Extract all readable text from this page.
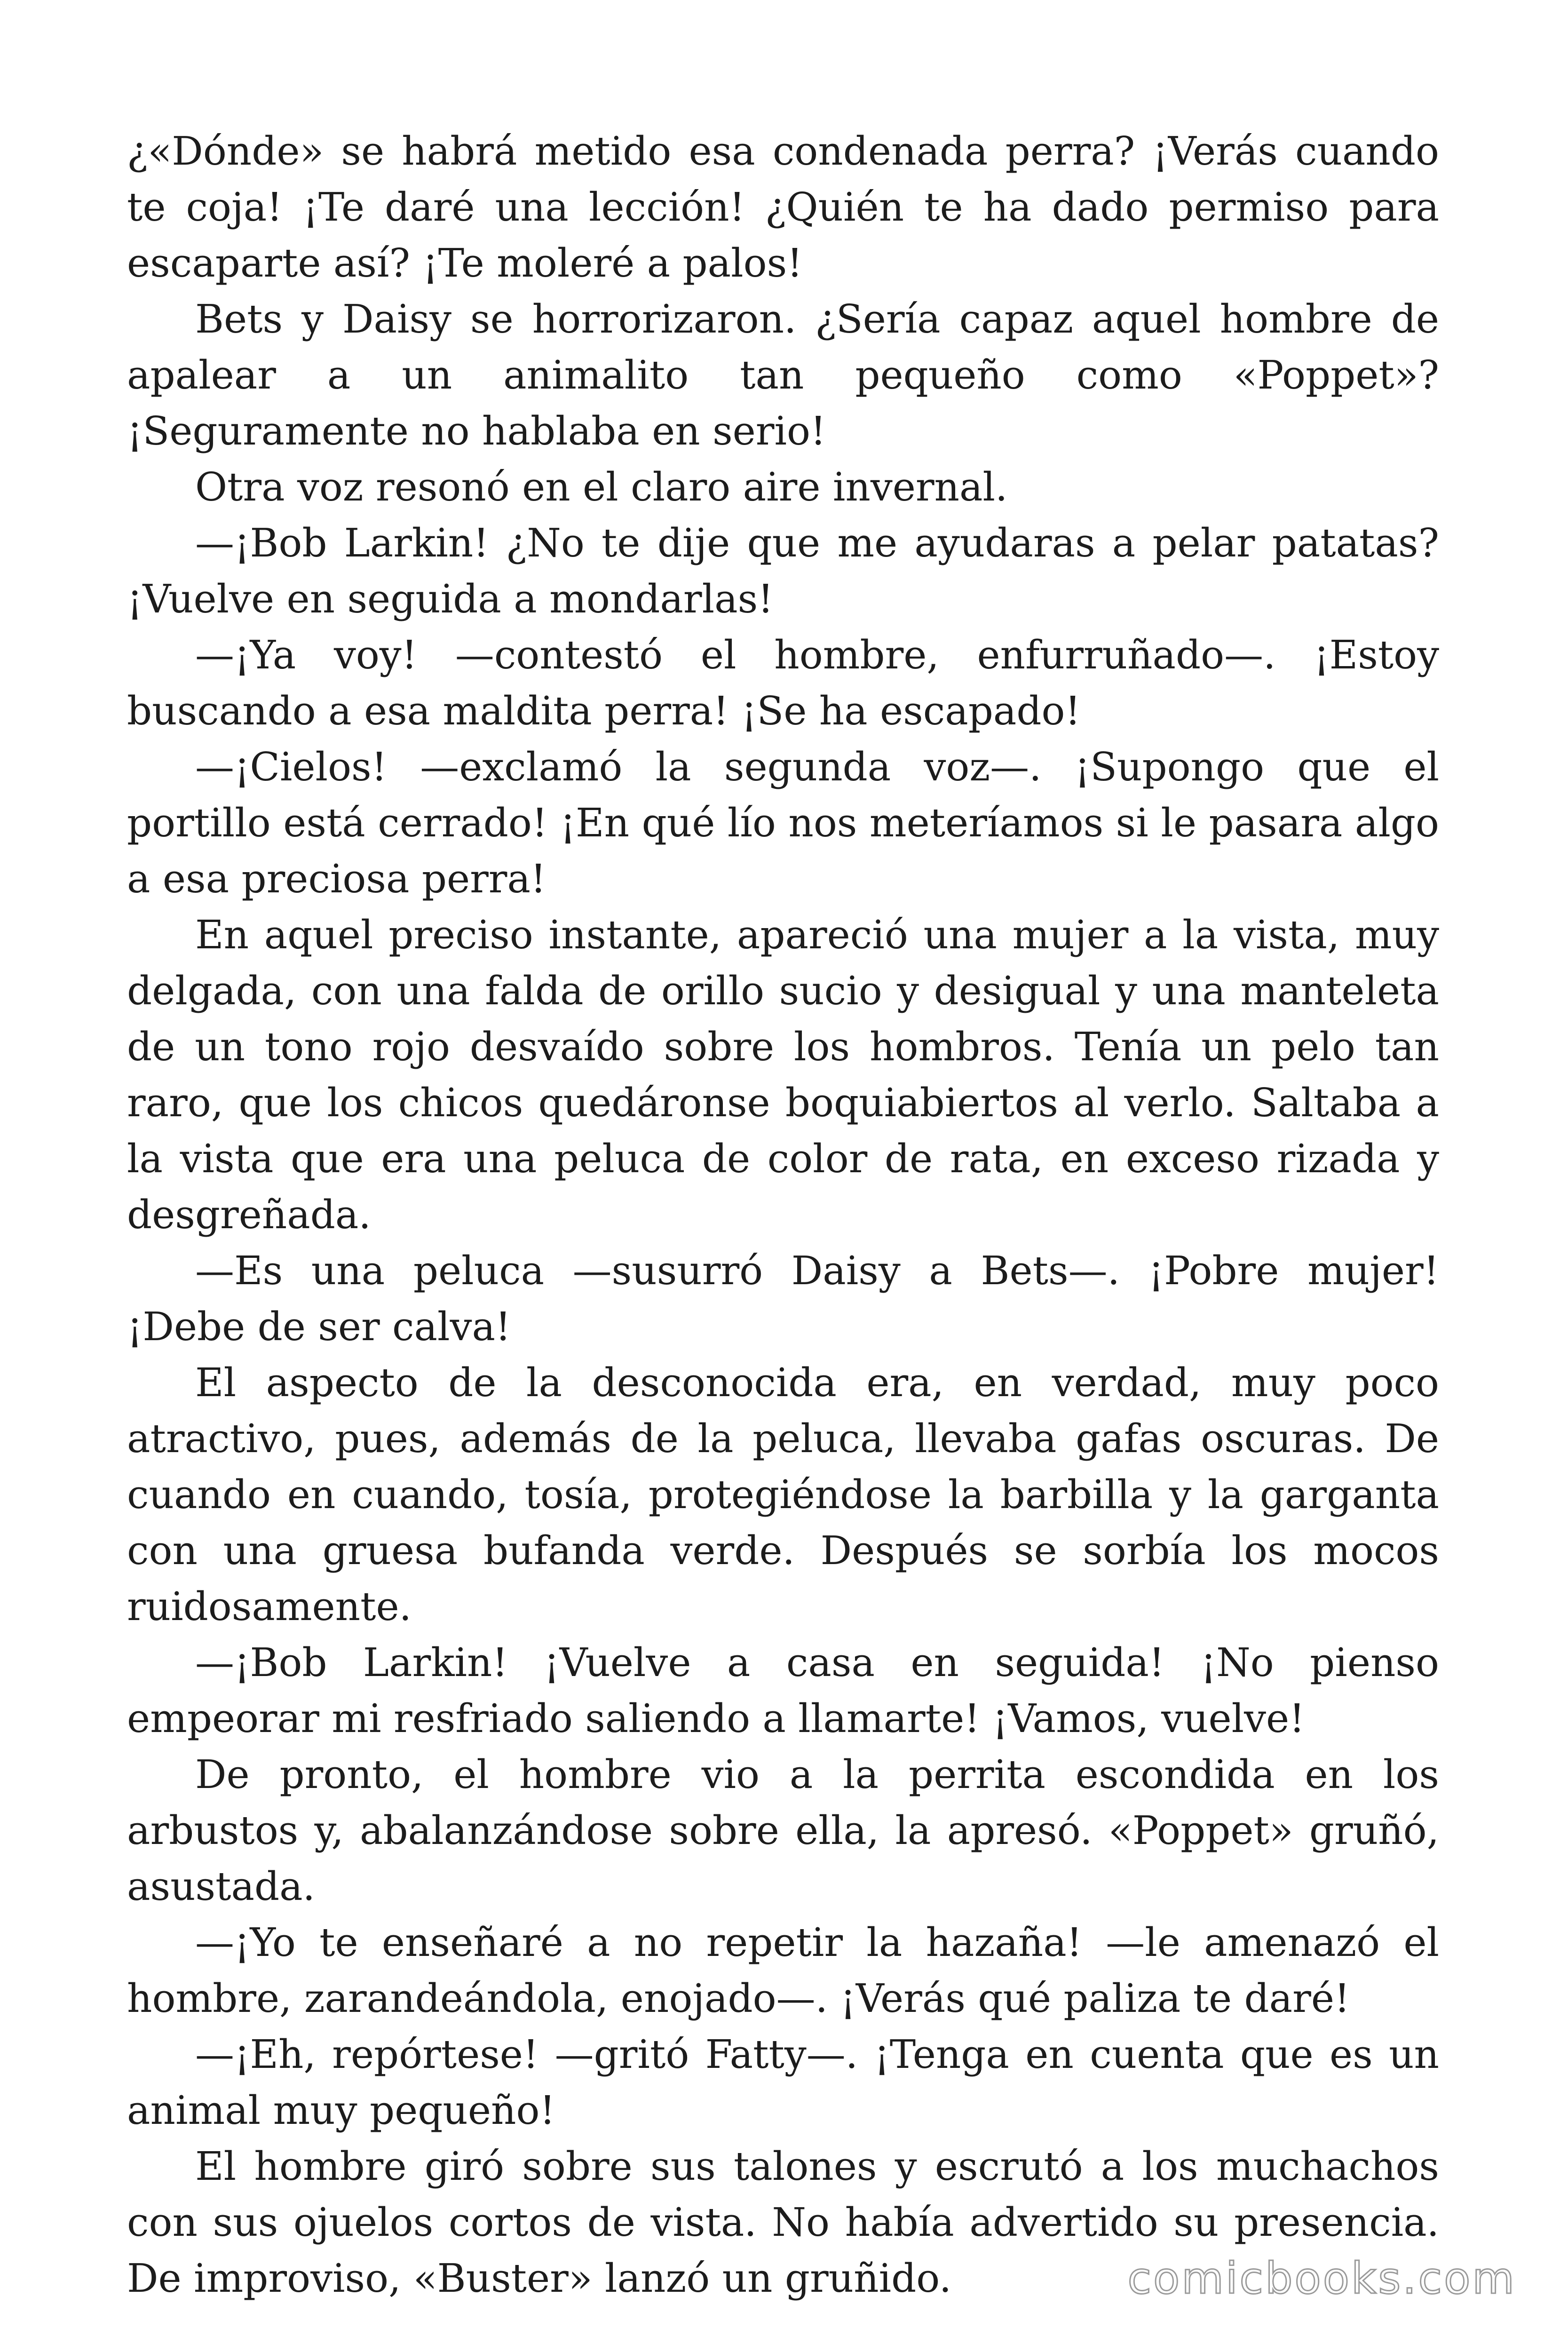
¿«Dónde» se habrá metido esa condenada perra? ¡Verás cuando te coja! ¡Te daré una lección! ¿Quién te ha dado permiso para escaparte así? ¡Te moleré a palos!

Bets y Daisy se horrorizaron. ¿Sería capaz aquel hombre de apalear a un animalito tan pequeño como «Poppet»? ¡Seguramente no hablaba en serio!

Otra voz resonó en el claro aire invernal.

—¡Bob Larkin! ¿No te dije que me ayudaras a pelar patatas? ¡Vuelve en seguida a mondarlas!

—¡Ya voy! —contestó el hombre, enfurruñado—. ¡Estoy buscando a esa maldita perra! ¡Se ha escapado!

—¡Cielos! —exclamó la segunda voz—. ¡Supongo que el portillo está cerrado! ¡En qué lío nos meteríamos si le pasara algo a esa preciosa perra!

En aquel preciso instante, apareció una mujer a la vista, muy delgada, con una falda de orillo sucio y desigual y una manteleta de un tono rojo desvaído sobre los hombros. Tenía un pelo tan raro, que los chicos quedáronse boquiabiertos al verlo. Saltaba a la vista que era una peluca de color de rata, en exceso rizada y desgreñada.

—Es una peluca —susurró Daisy a Bets—. ¡Pobre mujer! ¡Debe de ser calva!

El aspecto de la desconocida era, en verdad, muy poco atractivo, pues, además de la peluca, llevaba gafas oscuras. De cuando en cuando, tosía, protegiéndose la barbilla y la garganta con una gruesa bufanda verde. Después se sorbía los mocos ruidosamente.

—¡Bob Larkin! ¡Vuelve a casa en seguida! ¡No pienso empeorar mi resfriado saliendo a llamarte! ¡Vamos, vuelve!

De pronto, el hombre vio a la perrita escondida en los arbustos y, abalanzándose sobre ella, la apresó. «Poppet» gruñó, asustada.

—¡Yo te enseñaré a no repetir la hazaña! —le amenazó el hombre, zarandeándola, enojado—. ¡Verás qué paliza te daré!

—¡Eh, repórtese! —gritó Fatty—. ¡Tenga en cuenta que es un animal muy pequeño!

El hombre giró sobre sus talones y escrutó a los muchachos con sus ojuelos cortos de vista. No había advertido su presencia. De improviso, «Buster» lanzó un gruñido.	comicbooks.com
